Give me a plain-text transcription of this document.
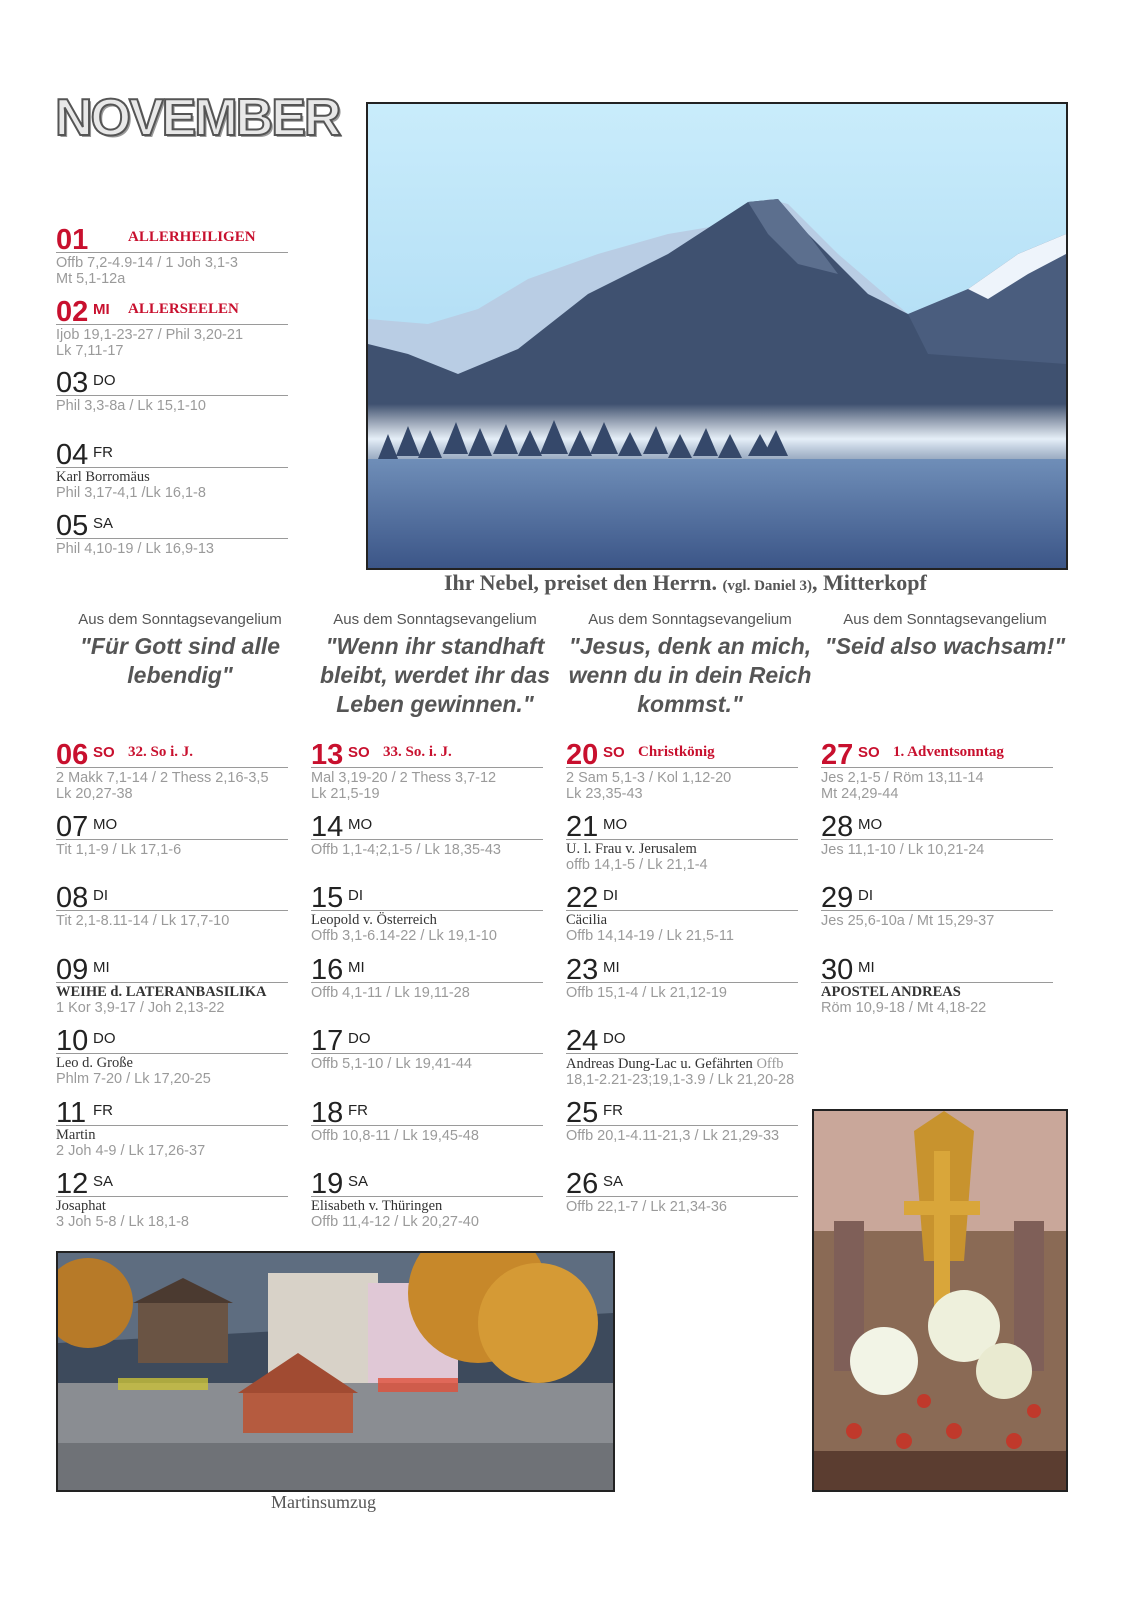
NOVEMBER
Ihr Nebel, preiset den Herrn. (vgl. Daniel 3), Mitterkopf
Aus dem Sonntagsevangelium
"Für Gott sind alle lebendig"
Aus dem Sonntagsevangelium
"Wenn ihr standhaft bleibt, werdet ihr das Leben gewinnen."
Aus dem Sonntagsevangelium
"Jesus, denk an mich, wenn du in dein Reich kommst."
Aus dem Sonntagsevangelium
"Seid also wachsam!"
01	ALLERHEILIGEN
Offb 7,2-4.9-14 / 1 Joh 3,1-3
Mt 5,1-12a
02 MI ALLERSEELEN
Ijob 19,1-23-27 / Phil 3,20-21
Lk 7,11-17
03 DO
Phil 3,3-8a / Lk 15,1-10
04 FR
Karl Borromäus
Phil 3,17-4,1 /Lk 16,1-8
05 SA
Phil 4,10-19 / Lk 16,9-13
06 SO 32. So i. J.
2 Makk 7,1-14 / 2 Thess 2,16-3,5
Lk 20,27-38
07 MO
Tit 1,1-9 / Lk 17,1-6
08 DI
Tit 2,1-8.11-14 / Lk 17,7-10
09 MI
WEIHE d. LATERANBASILIKA
1 Kor 3,9-17 / Joh 2,13-22
10 DO
Leo d. Große
Phlm 7-20 / Lk 17,20-25
11 FR
Martin
2 Joh 4-9 / Lk 17,26-37
12 SA
Josaphat
3 Joh 5-8 / Lk 18,1-8
13 SO 33. So. i. J.
Mal 3,19-20 / 2 Thess 3,7-12
Lk 21,5-19
14 MO
Offb 1,1-4;2,1-5 / Lk 18,35-43
15 DI
Leopold v. Österreich
Offb 3,1-6.14-22 / Lk 19,1-10
16 MI
Offb 4,1-11 / Lk 19,11-28
17 DO
Offb 5,1-10 / Lk 19,41-44
18 FR
Offb 10,8-11 / Lk 19,45-48
19 SA
Elisabeth v. Thüringen
Offb 11,4-12 / Lk 20,27-40
20 SO Christkönig
2 Sam 5,1-3 / Kol 1,12-20
Lk 23,35-43
21 MO
U. l. Frau v. Jerusalem
offb 14,1-5 / Lk 21,1-4
22 DI
Cäcilia
Offb 14,14-19 / Lk 21,5-11
23 MI
Offb 15,1-4 / Lk 21,12-19
24 DO
Andreas Dung-Lac u. Gefährten Offb
18,1-2.21-23;19,1-3.9 / Lk 21,20-28
25 FR
Offb 20,1-4.11-21,3 / Lk 21,29-33
26 SA
Offb 22,1-7 / Lk 21,34-36
27 SO 1. Adventsonntag
Jes 2,1-5 / Röm 13,11-14
Mt 24,29-44
28 MO
Jes 11,1-10 / Lk 10,21-24
29 DI
Jes 25,6-10a / Mt 15,29-37
30 MI
APOSTEL ANDREAS
Röm 10,9-18 / Mt 4,18-22
Martinsumzug
